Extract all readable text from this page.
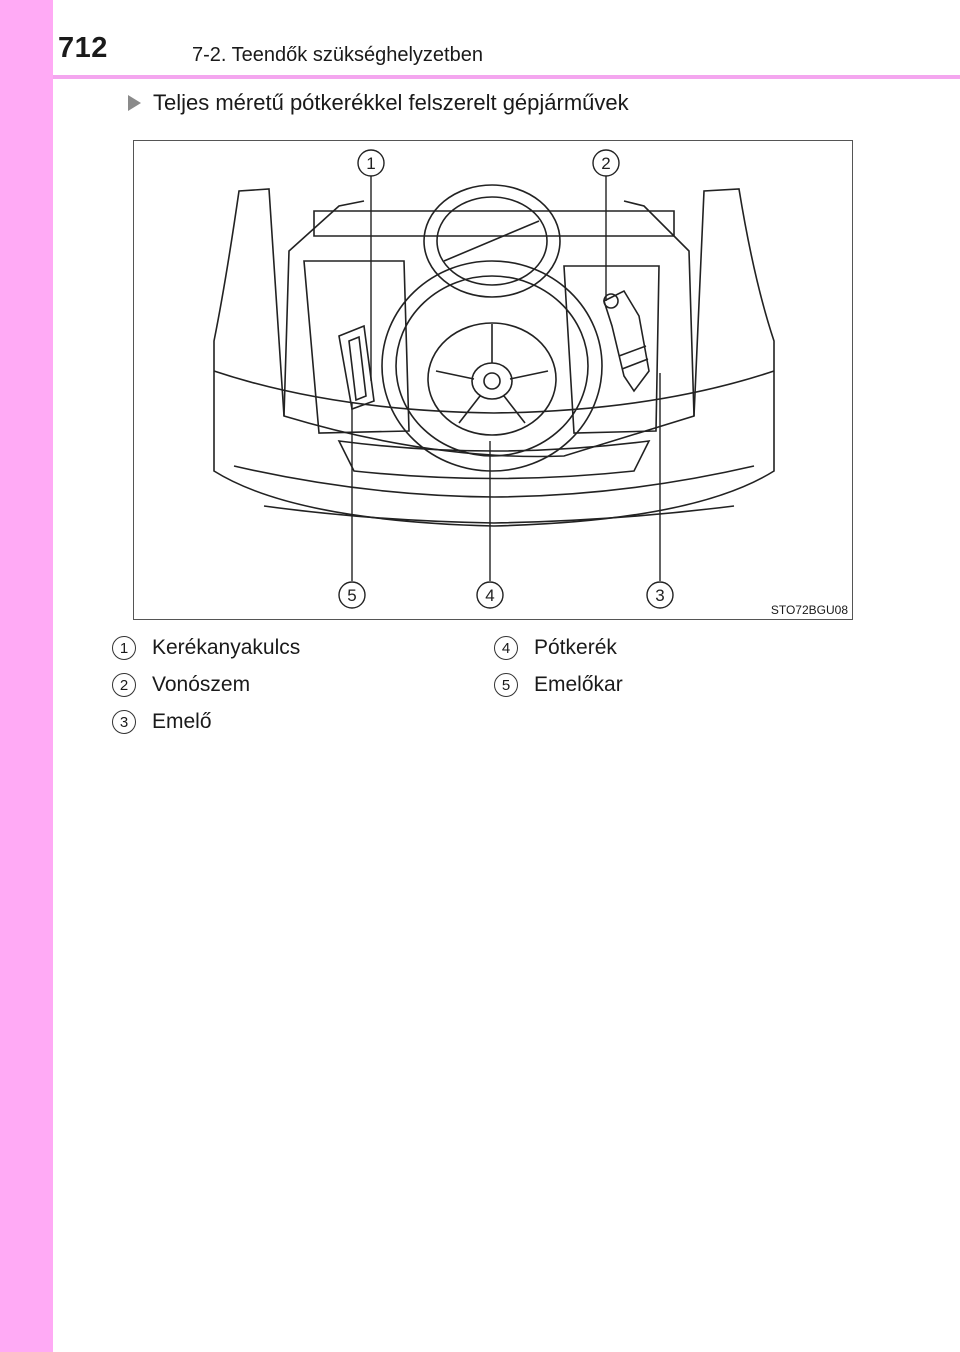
712	7-2. Teendők szükséghelyzetben
Teljes méretű pótkerékkel felszerelt gépjárművek
1	2
5	4	3
STO72BGU08
1	Kerékanyakulcs
2	Vonószem
3	Emelő
4	Pótkerék
5	Emelőkar
